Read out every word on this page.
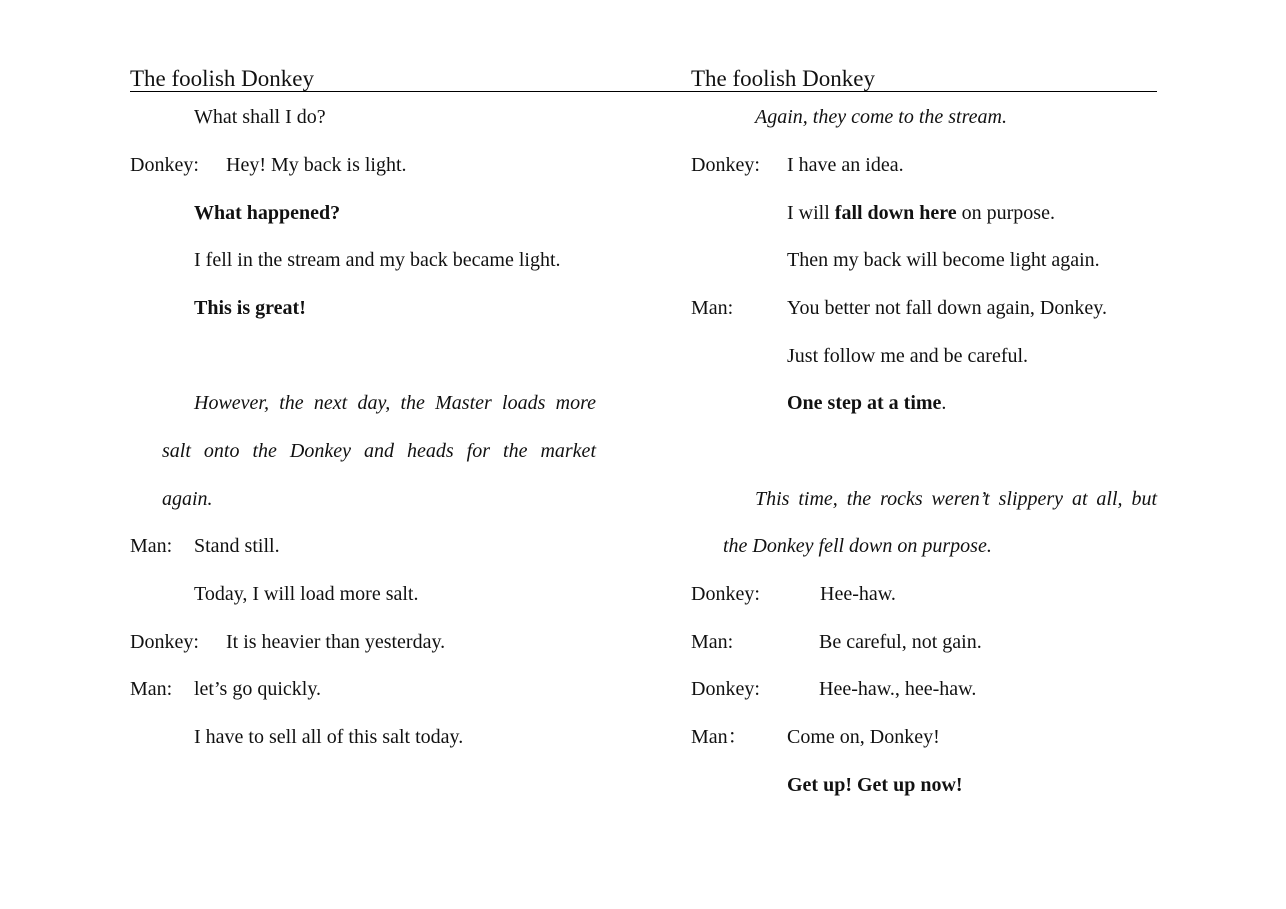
The foolish Donkey
What shall I do?
Donkey: Hey! My back is light.
What happened?
I fell in the stream and my back became light.
This is great!
However, the next day, the Master loads more
salt onto the Donkey and heads for the market
again.
Man: Stand still.
Today, I will load more salt.
Donkey: It is heavier than yesterday.
Man: let’s go quickly.
I have to sell all of this salt today.
The foolish Donkey
Again, they come to the stream.
Donkey: I have an idea.
I will fall down here on purpose.
Then my back will become light again.
Man:	You better not fall down again, Donkey.
Just follow me and be careful.
One step at a time.
This time, the rocks weren’t slippery at all, but
the Donkey fell down on purpose.
Donkey:	Hee-haw.
Man:	Be careful, not gain.
Donkey:	Hee-haw., hee-haw.
Man： Come on, Donkey!
Get up! Get up now!
